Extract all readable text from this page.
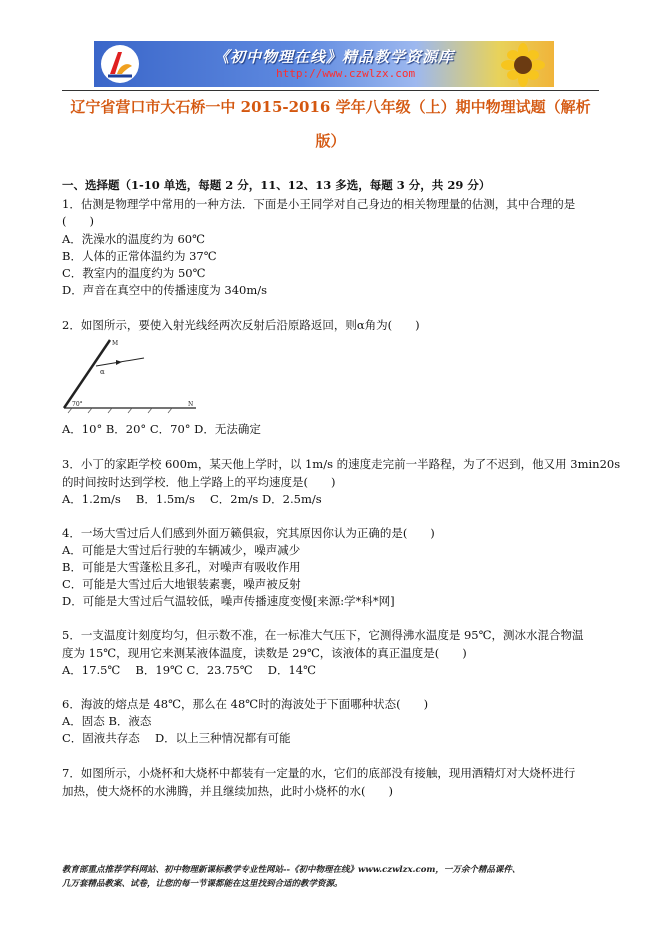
《初中物理在线》精品教学资源库
http://www.czwlzx.com
辽宁省营口市大石桥一中 2015-2016 学年八年级（上）期中物理试题（解析
版）
一、选择题（1-10 单选，每题 2 分，11、12、13 多选，每题 3 分，共 29 分）
1．估测是物理学中常用的一种方法．下面是小王同学对自己身边的相关物理量的估测，其中合理的是
(　　)
A．洗澡水的温度约为 60℃
B．人体的正常体温约为 37℃
C．教室内的温度约为 50℃
D．声音在真空中的传播速度为 340m/s
2．如图所示，要使入射光线经两次反射后沿原路返回，则α角为(　　)
M
N
α
70°
A．10° B．20° C．70° D．无法确定
3．小丁的家距学校 600m，某天他上学时，以 1m/s 的速度走完前一半路程，为了不迟到，他又用 3min20s
的时间按时达到学校．他上学路上的平均速度是(　　)
A．1.2m/s　 B．1.5m/s　 C．2m/s D．2.5m/s
4．一场大雪过后人们感到外面万籁俱寂，究其原因你认为正确的是(　　)
A．可能是大雪过后行驶的车辆减少，噪声减少
B．可能是大雪蓬松且多孔，对噪声有吸收作用
C．可能是大雪过后大地银装素裹，噪声被反射
D．可能是大雪过后气温较低，噪声传播速度变慢[来源:学*科*网]
5．一支温度计刻度均匀，但示数不准，在一标准大气压下，它测得沸水温度是 95℃，测冰水混合物温
度为 15℃，现用它来测某液体温度，读数是 29℃，该液体的真正温度是(　　)
A．17.5℃　 B．19℃ C．23.75℃　 D．14℃
6．海波的熔点是 48℃，那么在 48℃时的海波处于下面哪种状态(　　)
A．固态 B．液态
C．固液共存态　 D．以上三种情况都有可能
7．如图所示，小烧杯和大烧杯中都装有一定量的水，它们的底部没有接触，现用酒精灯对大烧杯进行
加热，使大烧杯的水沸腾，并且继续加热，此时小烧杯的水(　　)
教育部重点推荐学科网站、初中物理新课标教学专业性网站--《初中物理在线》www.czwlzx.com，一万余个精品课件、
几万套精品教案、试卷，让您的每一节课都能在这里找到合适的教学资源。
